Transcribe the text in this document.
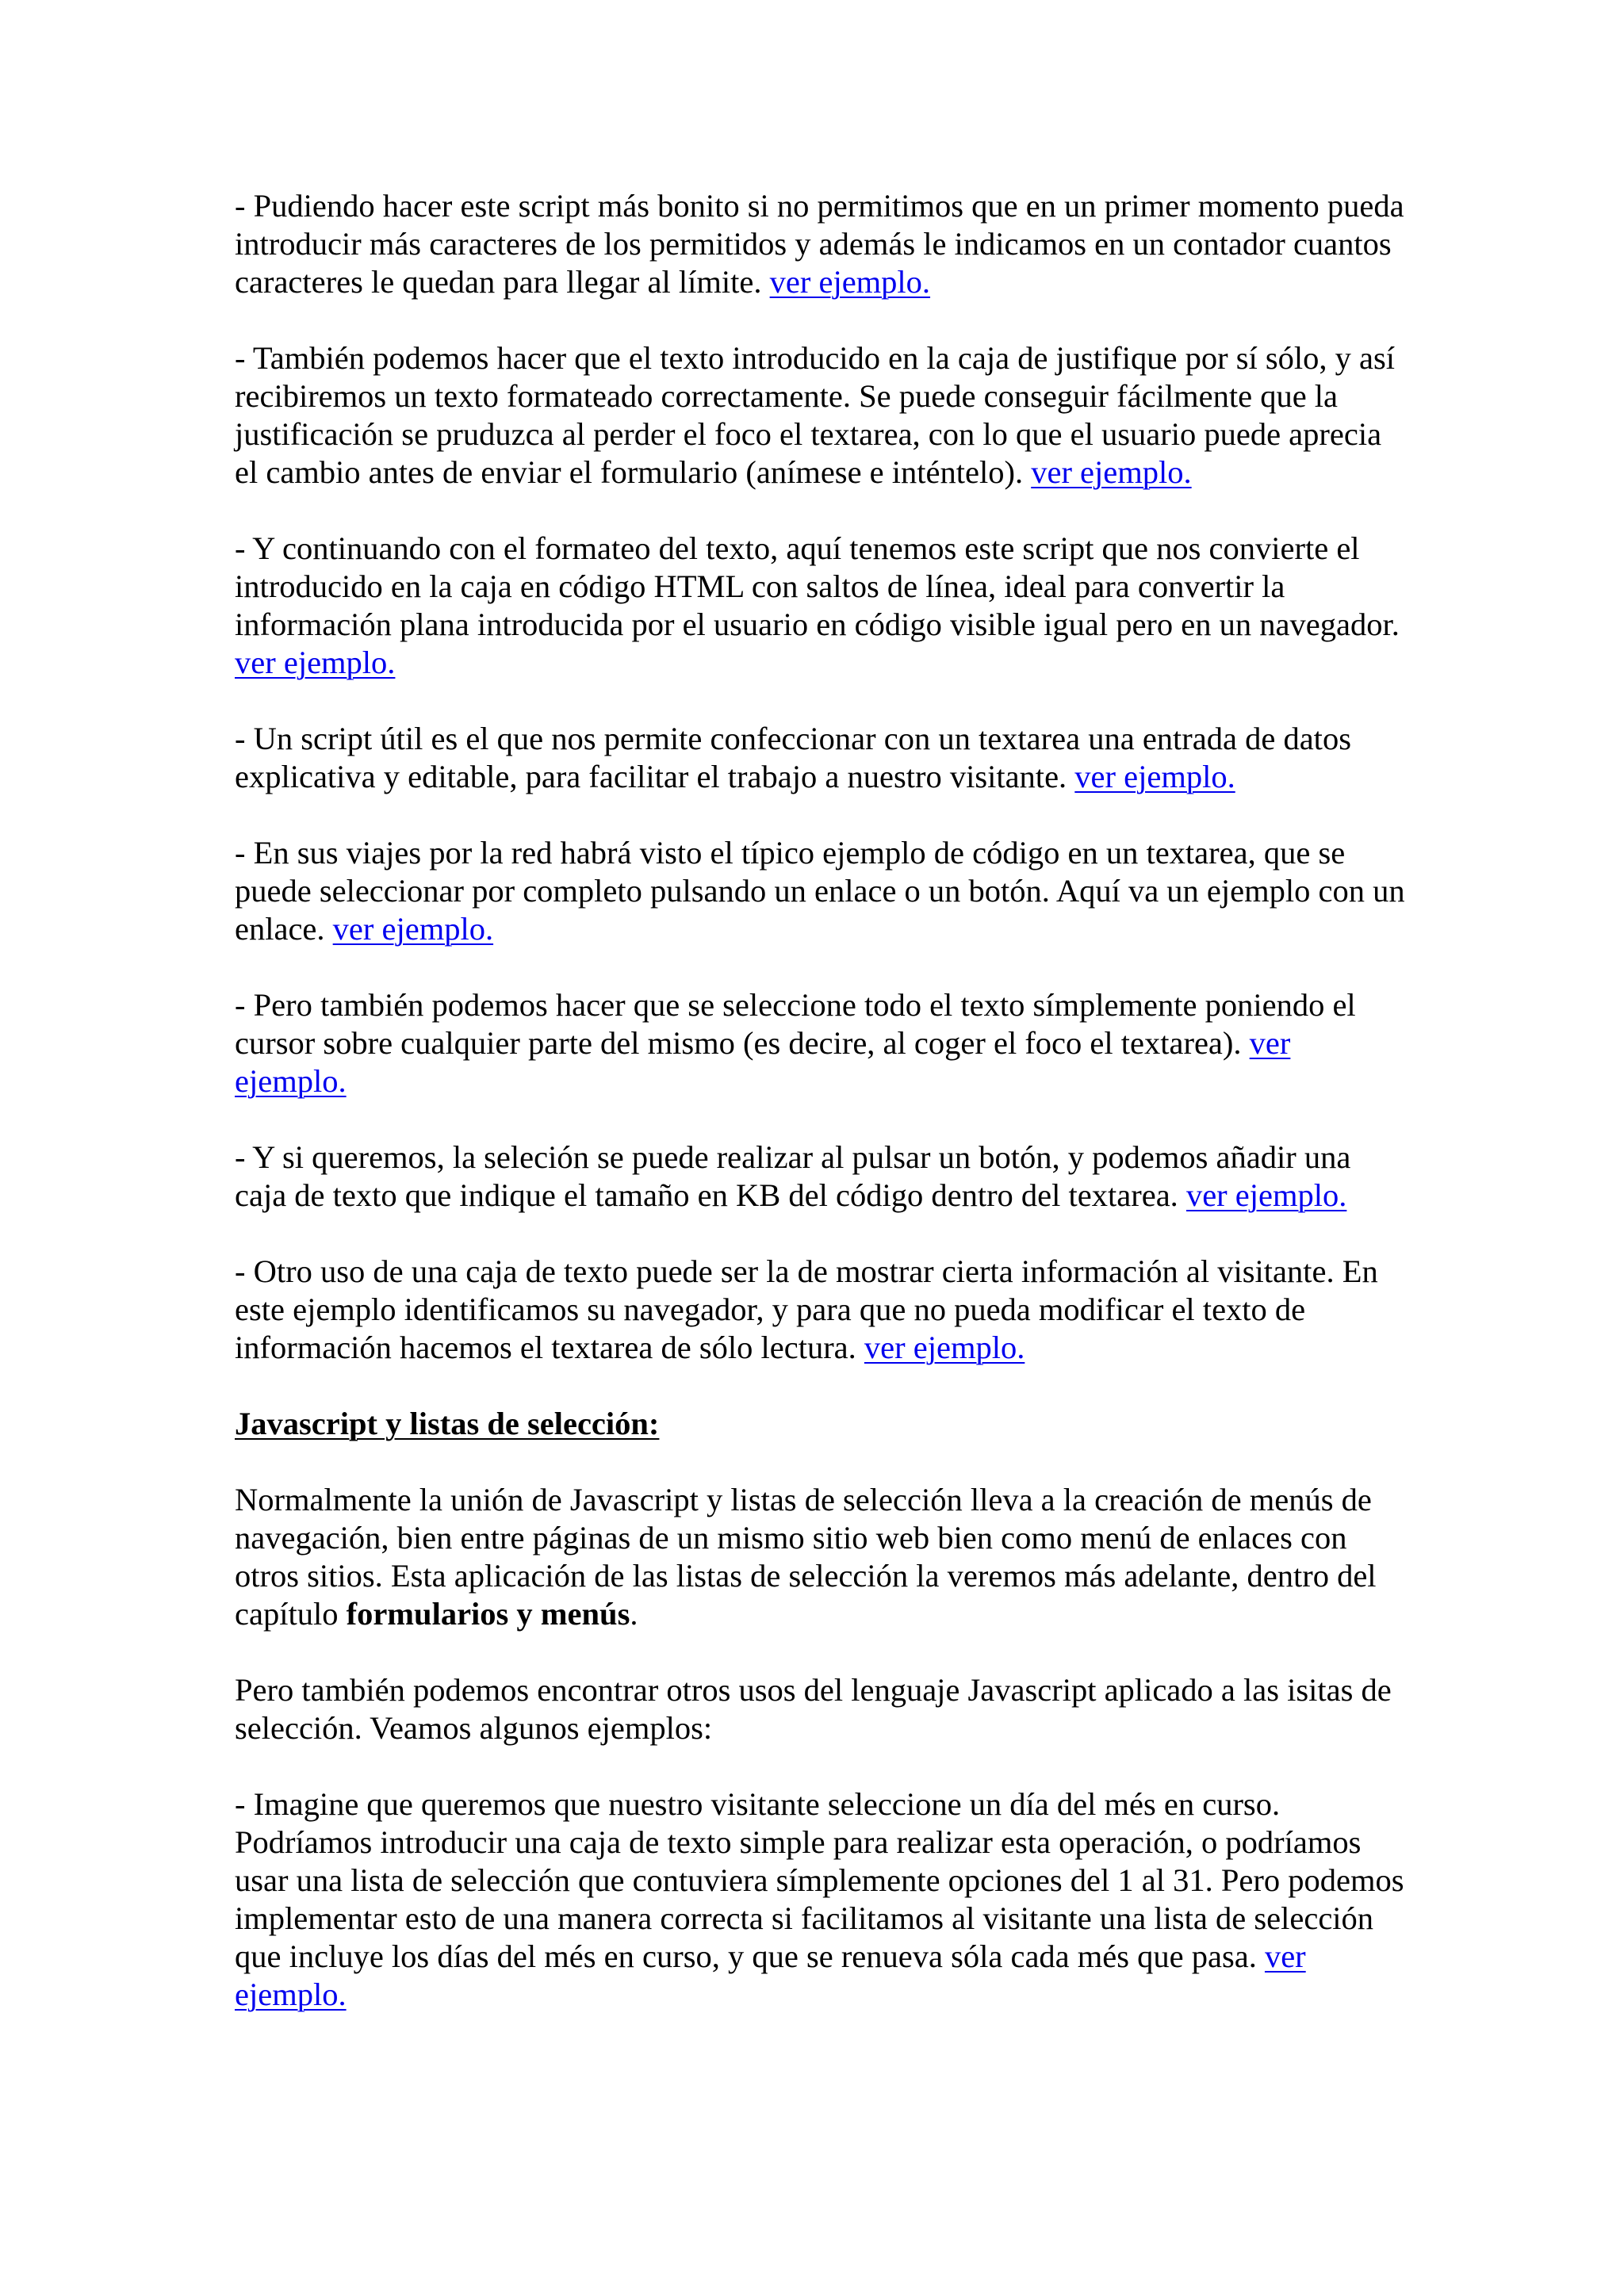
- Pudiendo hacer este script más bonito si no permitimos que en un primer momento pueda introducir más caracteres de los permitidos y además le indicamos en un contador cuantos caracteres le quedan para llegar al límite. ver ejemplo.

- También podemos hacer que el texto introducido en la caja de justifique por sí sólo, y así recibiremos un texto formateado correctamente. Se puede conseguir fácilmente que la justificación se pruduzca al perder el foco el textarea, con lo que el usuario puede aprecia el cambio antes de enviar el formulario (anímese e inténtelo). ver ejemplo.

- Y continuando con el formateo del texto, aquí tenemos este script que nos convierte el introducido en la caja en código HTML con saltos de línea, ideal para convertir la información plana introducida por el usuario en código visible igual pero en un navegador. ver ejemplo.

- Un script útil es el que nos permite confeccionar con un textarea una entrada de datos explicativa y editable, para facilitar el trabajo a nuestro visitante. ver ejemplo.

- En sus viajes por la red habrá visto el típico ejemplo de código en un textarea, que se puede seleccionar por completo pulsando un enlace o un botón. Aquí va un ejemplo con un enlace. ver ejemplo.

- Pero también podemos hacer que se seleccione todo el texto símplemente poniendo el cursor sobre cualquier parte del mismo (es decire, al coger el foco el textarea). ver ejemplo.

- Y si queremos, la seleción se puede realizar al pulsar un botón, y podemos añadir una caja de texto que indique el tamaño en KB del código dentro del textarea. ver ejemplo.

- Otro uso de una caja de texto puede ser la de mostrar cierta información al visitante. En este ejemplo identificamos su navegador, y para que no pueda modificar el texto de información hacemos el textarea de sólo lectura. ver ejemplo.

Javascript y listas de selección:

Normalmente la unión de Javascript y listas de selección lleva a la creación de menús de navegación, bien entre páginas de un mismo sitio web bien como menú de enlaces con otros sitios. Esta aplicación de las listas de selección la veremos más adelante, dentro del capítulo formularios y menús.

Pero también podemos encontrar otros usos del lenguaje Javascript aplicado a las isitas de selección. Veamos algunos ejemplos:

- Imagine que queremos que nuestro visitante seleccione un día del més en curso. Podríamos introducir una caja de texto simple para realizar esta operación, o podríamos usar una lista de selección que contuviera símplemente opciones del 1 al 31. Pero podemos implementar esto de una manera correcta si facilitamos al visitante una lista de selección que incluye los días del més en curso, y que se renueva sóla cada més que pasa. ver ejemplo.
